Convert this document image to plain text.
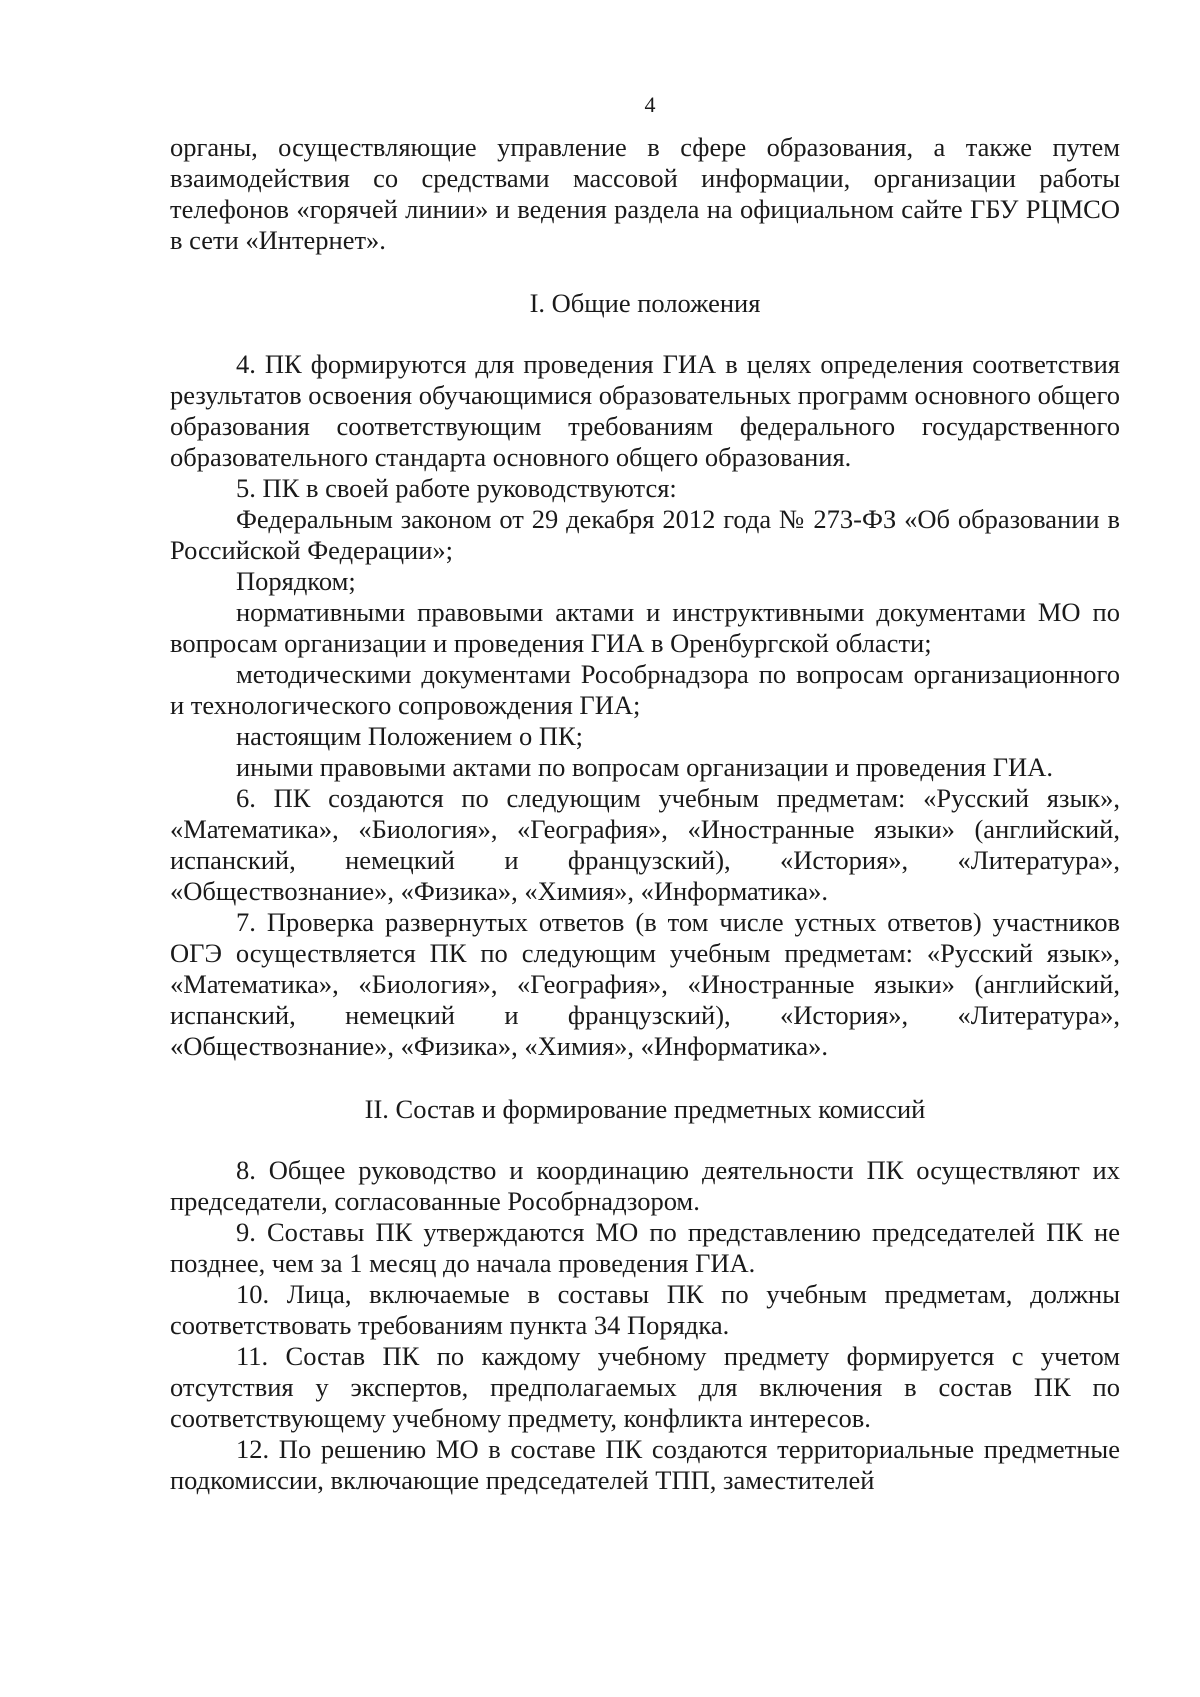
4

органы, осуществляющие управление в сфере образования, а также путем взаимодействия со средствами массовой информации, организации работы телефонов «горячей линии» и ведения раздела на официальном сайте ГБУ РЦМСО в сети «Интернет».

I. Общие положения

4. ПК формируются для проведения ГИА в целях определения соответствия результатов освоения обучающимися образовательных программ основного общего образования соответствующим требованиям федерального государственного образовательного стандарта основного общего образования.

5. ПК в своей работе руководствуются:

Федеральным законом от 29 декабря 2012 года № 273-ФЗ «Об образовании в Российской Федерации»;

Порядком;

нормативными правовыми актами и инструктивными документами МО по вопросам организации и проведения ГИА в Оренбургской области;

методическими документами Рособрнадзора по вопросам организационного и технологического сопровождения ГИА;

настоящим Положением о ПК;

иными правовыми актами по вопросам организации и проведения ГИА.

6. ПК создаются по следующим учебным предметам: «Русский язык», «Математика», «Биология», «География», «Иностранные языки» (английский, испанский, немецкий и французский), «История», «Литература», «Обществознание», «Физика», «Химия», «Информатика».

7. Проверка развернутых ответов (в том числе устных ответов) участников ОГЭ осуществляется ПК по следующим учебным предметам: «Русский язык», «Математика», «Биология», «География», «Иностранные языки» (английский, испанский, немецкий и французский), «История», «Литература», «Обществознание», «Физика», «Химия», «Информатика».

II. Состав и формирование предметных комиссий

8. Общее руководство и координацию деятельности ПК осуществляют их председатели, согласованные Рособрнадзором.

9. Составы ПК утверждаются МО по представлению председателей ПК не позднее, чем за 1 месяц до начала проведения ГИА.

10. Лица, включаемые в составы ПК по учебным предметам, должны соответствовать требованиям пункта 34 Порядка.

11. Состав ПК по каждому учебному предмету формируется с учетом отсутствия у экспертов, предполагаемых для включения в состав ПК по соответствующему учебному предмету, конфликта интересов.

12. По решению МО в составе ПК создаются территориальные предметные подкомиссии, включающие председателей ТПП, заместителей
